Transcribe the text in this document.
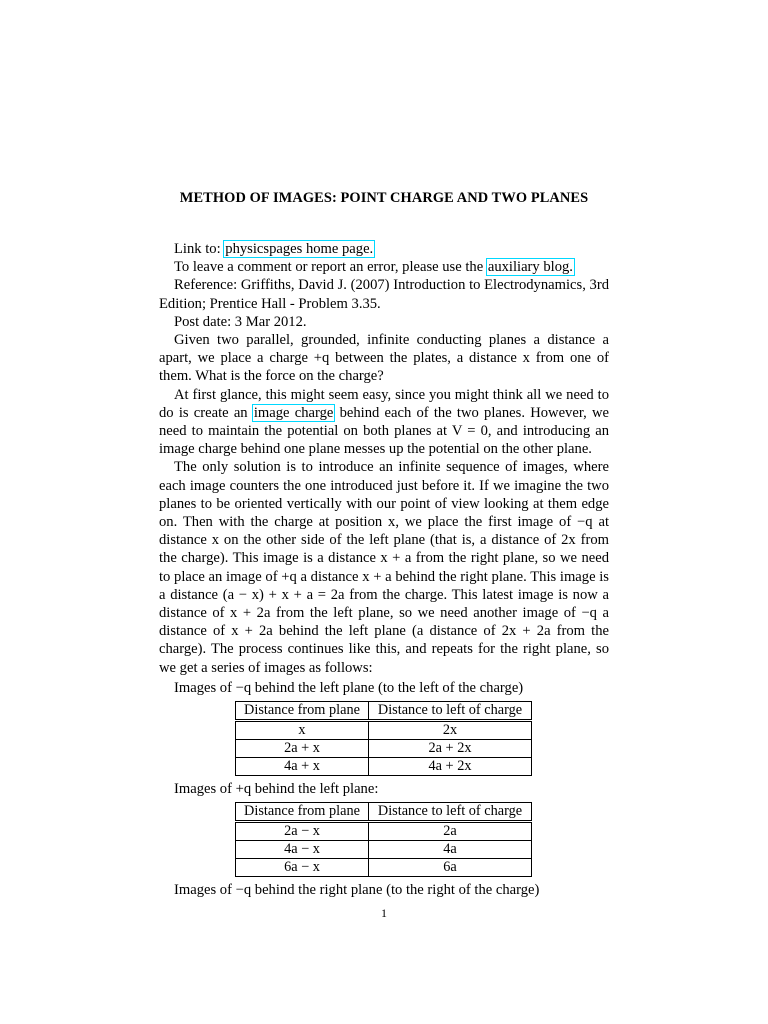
METHOD OF IMAGES: POINT CHARGE AND TWO PLANES

Link to: physicspages home page.

To leave a comment or report an error, please use the auxiliary blog.

Reference: Griffiths, David J. (2007) Introduction to Electrodynamics, 3rd Edition; Prentice Hall - Problem 3.35.

Post date: 3 Mar 2012.

Given two parallel, grounded, infinite conducting planes a distance a apart, we place a charge +q between the plates, a distance x from one of them. What is the force on the charge?

At first glance, this might seem easy, since you might think all we need to do is create an image charge behind each of the two planes. However, we need to maintain the potential on both planes at V = 0, and introducing an image charge behind one plane messes up the potential on the other plane.

The only solution is to introduce an infinite sequence of images, where each image counters the one introduced just before it. If we imagine the two planes to be oriented vertically with our point of view looking at them edge on. Then with the charge at position x, we place the first image of −q at distance x on the other side of the left plane (that is, a distance of 2x from the charge). This image is a distance x + a from the right plane, so we need to place an image of +q a distance x + a behind the right plane. This image is a distance (a − x) + x + a = 2a from the charge. This latest image is now a distance of x + 2a from the left plane, so we need another image of −q a distance of x + 2a behind the left plane (a distance of 2x + 2a from the charge). The process continues like this, and repeats for the right plane, so we get a series of images as follows:

Images of −q behind the left plane (to the left of the charge)
Distance from plane	Distance to left of charge
x	2x
2a + x	2a + 2x
4a + x	4a + 2x
Images of +q behind the left plane:
Distance from plane	Distance to left of charge
2a − x	2a
4a − x	4a
6a − x	6a
Images of −q behind the right plane (to the right of the charge)
1
